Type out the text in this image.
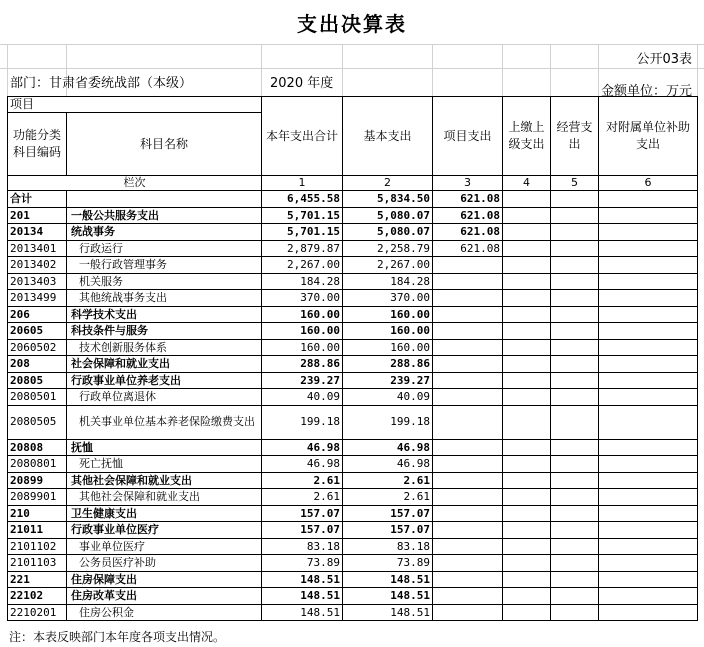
支出决算表
公开03表
部门：甘肃省委统战部（本级）	2020 年度
金额单位：万元
项目		本年支出合计	基本支出	项目支出	上缴上级支出	经营支出	对附属单位补助支出
功能分类科目编码	科目名称						
栏次		1	2	3	4	5	6
合计		6,455.58	5,834.50	621.08			
201	一般公共服务支出	5,701.15	5,080.07	621.08			
20134	统战事务	5,701.15	5,080.07	621.08			
2013401	行政运行	2,879.87	2,258.79	621.08			
2013402	一般行政管理事务	2,267.00	2,267.00				
2013403	机关服务	184.28	184.28				
2013499	其他统战事务支出	370.00	370.00				
206	科学技术支出	160.00	160.00				
20605	科技条件与服务	160.00	160.00				
2060502	技术创新服务体系	160.00	160.00				
208	社会保障和就业支出	288.86	288.86				
20805	行政事业单位养老支出	239.27	239.27				
2080501	行政单位离退休	40.09	40.09				
2080505	机关事业单位基本养老保险缴费支出	199.18	199.18				
20808	抚恤	46.98	46.98				
2080801	死亡抚恤	46.98	46.98				
20899	其他社会保障和就业支出	2.61	2.61				
2089901	其他社会保障和就业支出	2.61	2.61				
210	卫生健康支出	157.07	157.07				
21011	行政事业单位医疗	157.07	157.07				
2101102	事业单位医疗	83.18	83.18				
2101103	公务员医疗补助	73.89	73.89				
221	住房保障支出	148.51	148.51				
22102	住房改革支出	148.51	148.51				
2210201	住房公积金	148.51	148.51				
注：本表反映部门本年度各项支出情况。
